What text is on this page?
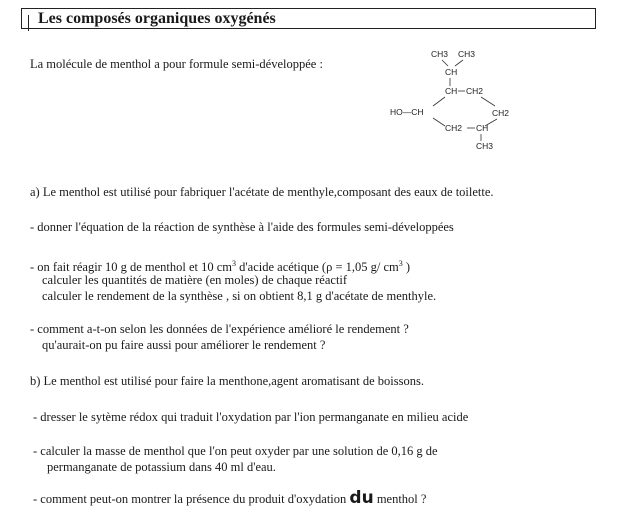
Les composés organiques oxygénés
La molécule de menthol a pour formule semi-développée :
CH3 CH3
CH
CH CH2
HO—CH	CH2
CH2 CH
CH3
a) Le menthol est utilisé pour fabriquer l'acétate de menthyle,composant des eaux de toilette.
- donner l'équation de la réaction de synthèse à l'aide des formules semi-développées
- on fait réagir 10 g de menthol et 10 $cm^3$ d'acide acétique (ρ = 1,05 g/ $cm^3$ )
calculer les quantités de matière (en moles) de chaque réactif
calculer le rendement de la synthèse , si on obtient 8,1 g d'acétate de menthyle.
- comment a-t-on selon les données de l'expérience amélioré le rendement ?
qu'aurait-on pu faire aussi pour améliorer le rendement ?
b) Le menthol est utilisé pour faire la menthone,agent aromatisant de boissons.
- dresser le sytème rédox qui traduit l'oxydation par l'ion permanganate en milieu acide
- calculer la masse de menthol que l'on peut oxyder par une solution de 0,16 g de
permanganate de potassium dans 40 ml d'eau.
- comment peut-on montrer la présence du produit d'oxydation du menthol ?
